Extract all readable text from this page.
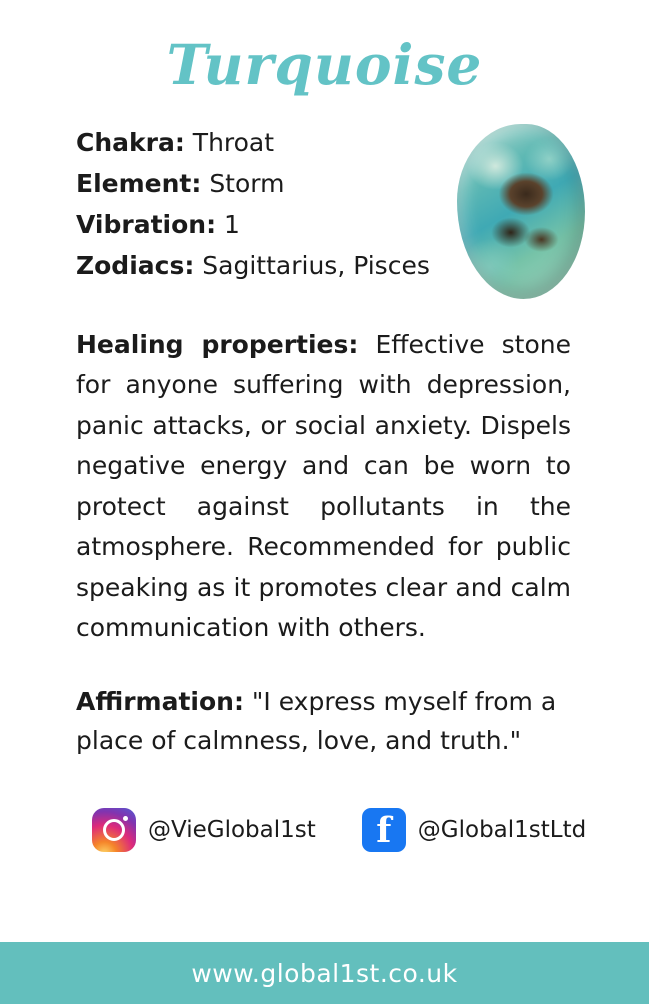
Turquoise
Chakra: Throat
Element: Storm
Vibration: 1
Zodiacs: Sagittarius, Pisces
Healing properties: Effective stone for anyone suffering with depression, panic attacks, or social anxiety. Dispels negative energy and can be worn to protect against pollutants in the atmosphere. Recommended for public speaking as it promotes clear and calm communication with others.
Affirmation: "I express myself from a place of calmness, love, and truth."
@VieGlobal1st	f	@Global1stLtd
www.global1st.co.uk
